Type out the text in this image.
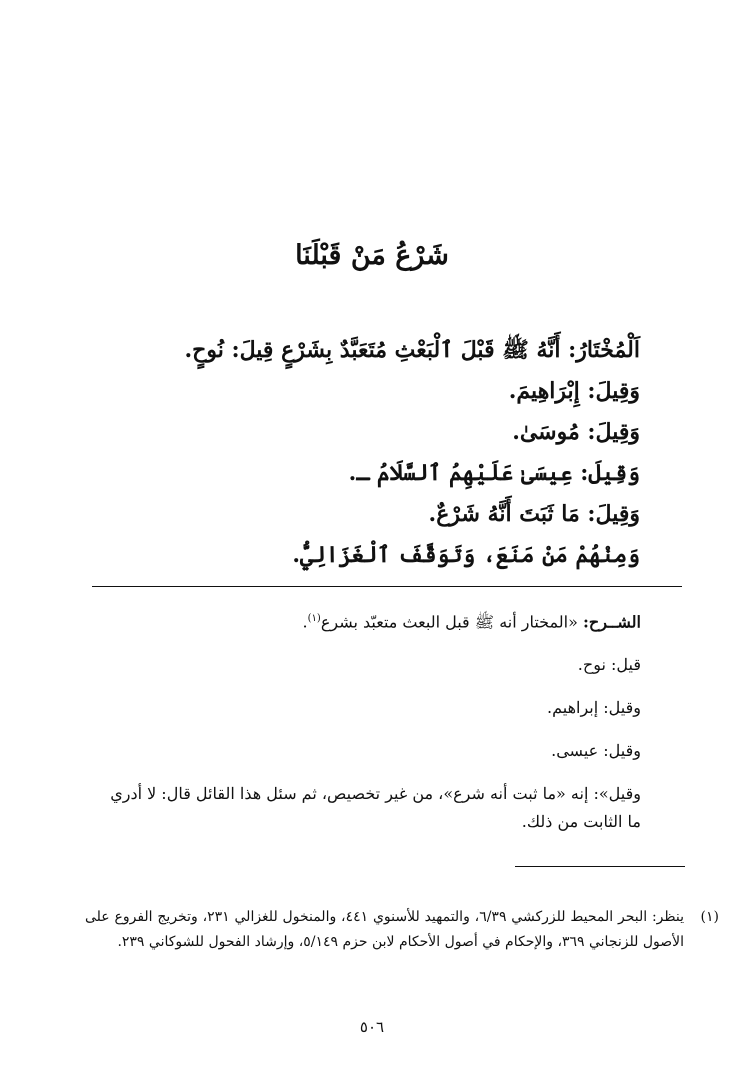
شَرْعُ مَنْ قَبْلَنَا
اَلْمُخْتَارُ: أَنَّهُ ﷺ قَبْلَ ٱلْبَعْثِ مُتَعَبَّدٌ بِشَرْعٍ قِيلَ: نُوحٍ.
وَقِيلَ: إِبْرَاهِيمَ.
وَقِيلَ: مُوسَىٰ.
وَقِيلَ: عِيسَىٰ عَلَيْهِمُ ٱلسَّلَامُ ـ.
وَقِيلَ: مَا ثَبَتَ أَنَّهُ شَرْعٌ.
وَمِنْهُمْ مَنْ مَنَعَ، وَتَوَقَّفَ ٱلْغَزَالِيُّ.
الشــرح: «المختار أنه ﷺ قبل البعث متعبّد بشرع$^{(١)}$.
قيل: نوح.
وقيل: إبراهيم.
وقيل: عيسى.
وقيل»: إنه «ما ثبت أنه شرع»، من غير تخصيص، ثم سئل هذا القائل قال: لا أدري
ما الثابت من ذلك.
(١)
ينظر: البحر المحيط للزركشي ٦/٣٩، والتمهيد للأسنوي ٤٤١، والمنخول للغزالي ٢٣١، وتخريج الفروع على الأصول للزنجاني ٣٦٩، والإحكام في أصول الأحكام لابن حزم ٥/١٤٩، وإرشاد الفحول للشوكاني ٢٣٩.
٥٠٦
